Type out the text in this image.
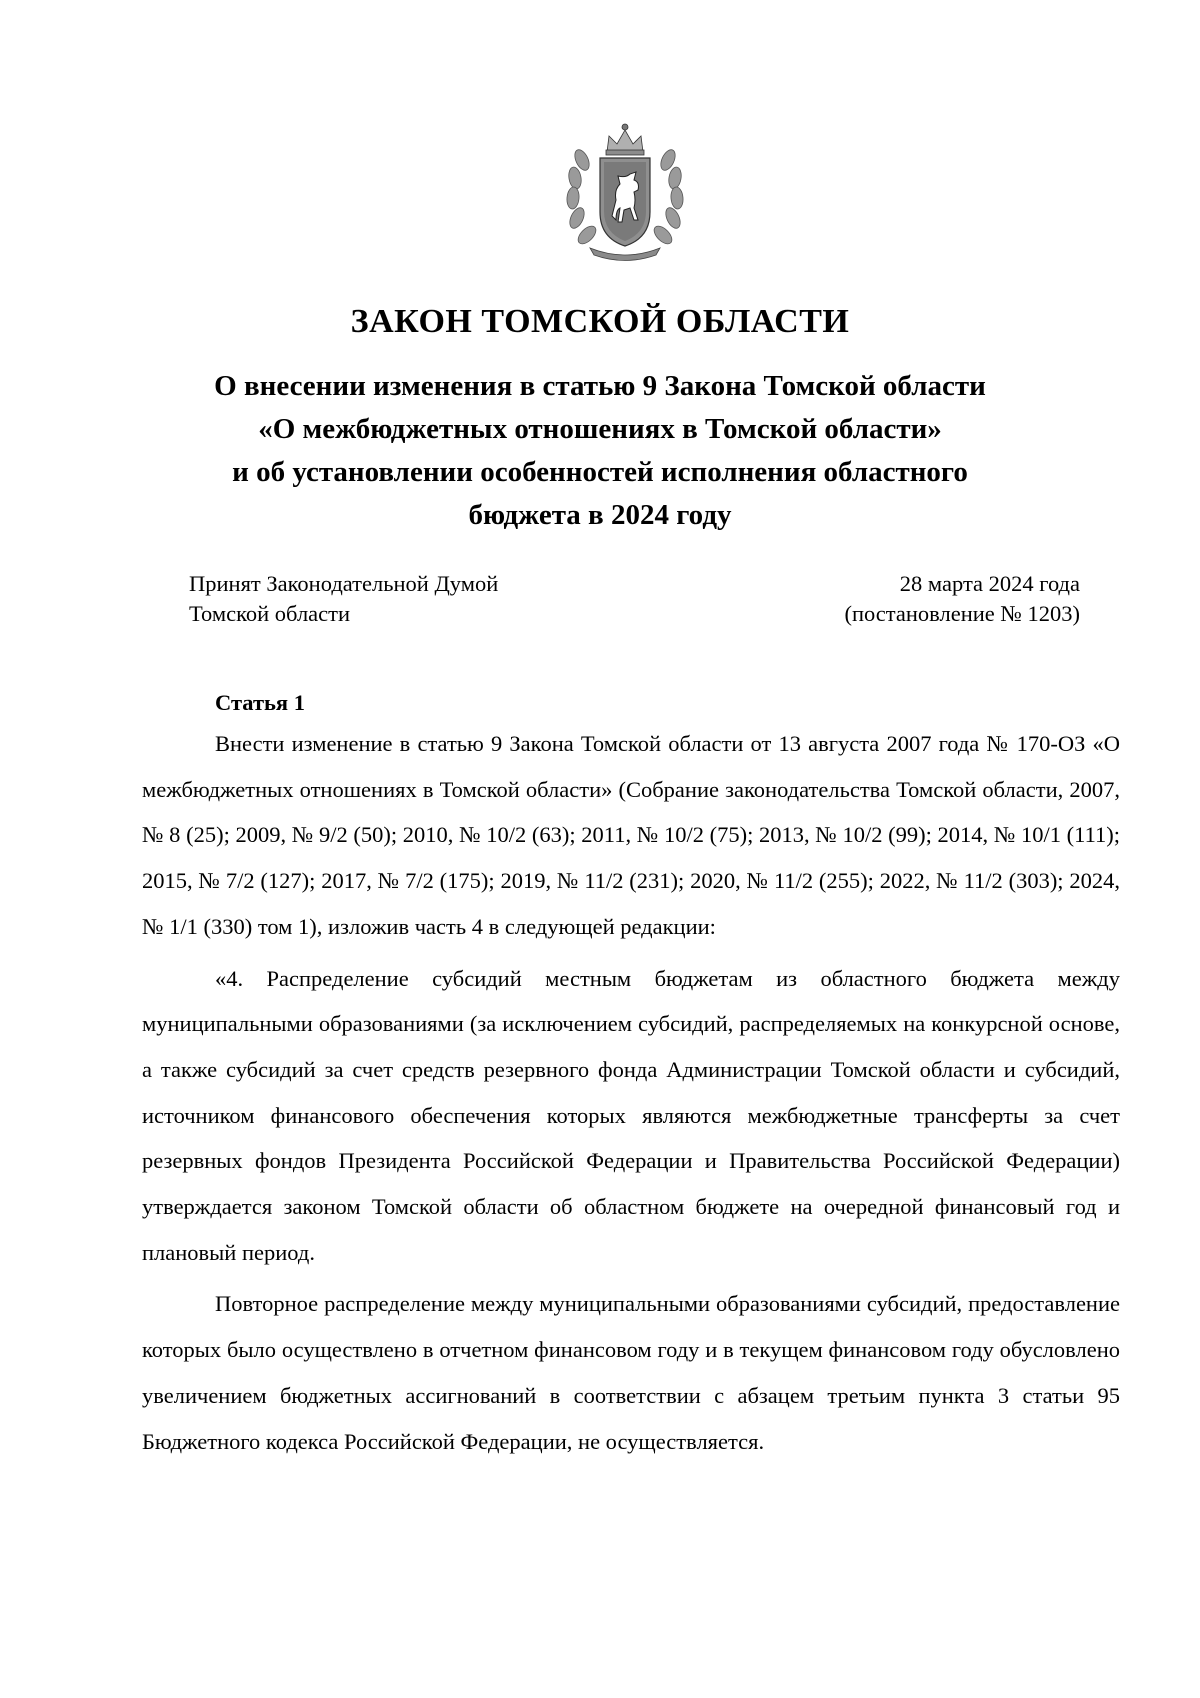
ЗАКОН ТОМСКОЙ ОБЛАСТИ
О внесении изменения в статью 9 Закона Томской области
«О межбюджетных отношениях в Томской области»
и об установлении особенностей исполнения областного
бюджета в 2024 году
Принят Законодательной Думой
Томской области
28 марта 2024 года
(постановление № 1203)
Статья 1

Внести изменение в статью 9 Закона Томской области от 13 августа 2007 года № 170-ОЗ «О межбюджетных отношениях в Томской области» (Собрание законодательства Томской области, 2007, № 8 (25); 2009, № 9/2 (50); 2010, № 10/2 (63); 2011, № 10/2 (75); 2013, № 10/2 (99); 2014, № 10/1 (111); 2015, № 7/2 (127); 2017, № 7/2 (175); 2019, № 11/2 (231); 2020, № 11/2 (255); 2022, № 11/2 (303); 2024, № 1/1 (330) том 1), изложив часть 4 в следующей редакции:

«4. Распределение субсидий местным бюджетам из областного бюджета между муниципальными образованиями (за исключением субсидий, распределяемых на конкурсной основе, а также субсидий за счет средств резервного фонда Администрации Томской области и субсидий, источником финансового обеспечения которых являются межбюджетные трансферты за счет резервных фондов Президента Российской Федерации и Правительства Российской Федерации) утверждается законом Томской области об областном бюджете на очередной финансовый год и плановый период.

Повторное распределение между муниципальными образованиями субсидий, предоставление которых было осуществлено в отчетном финансовом году и в текущем финансовом году обусловлено увеличением бюджетных ассигнований в соответствии с абзацем третьим пункта 3 статьи 95 Бюджетного кодекса Российской Федерации, не осуществляется.
